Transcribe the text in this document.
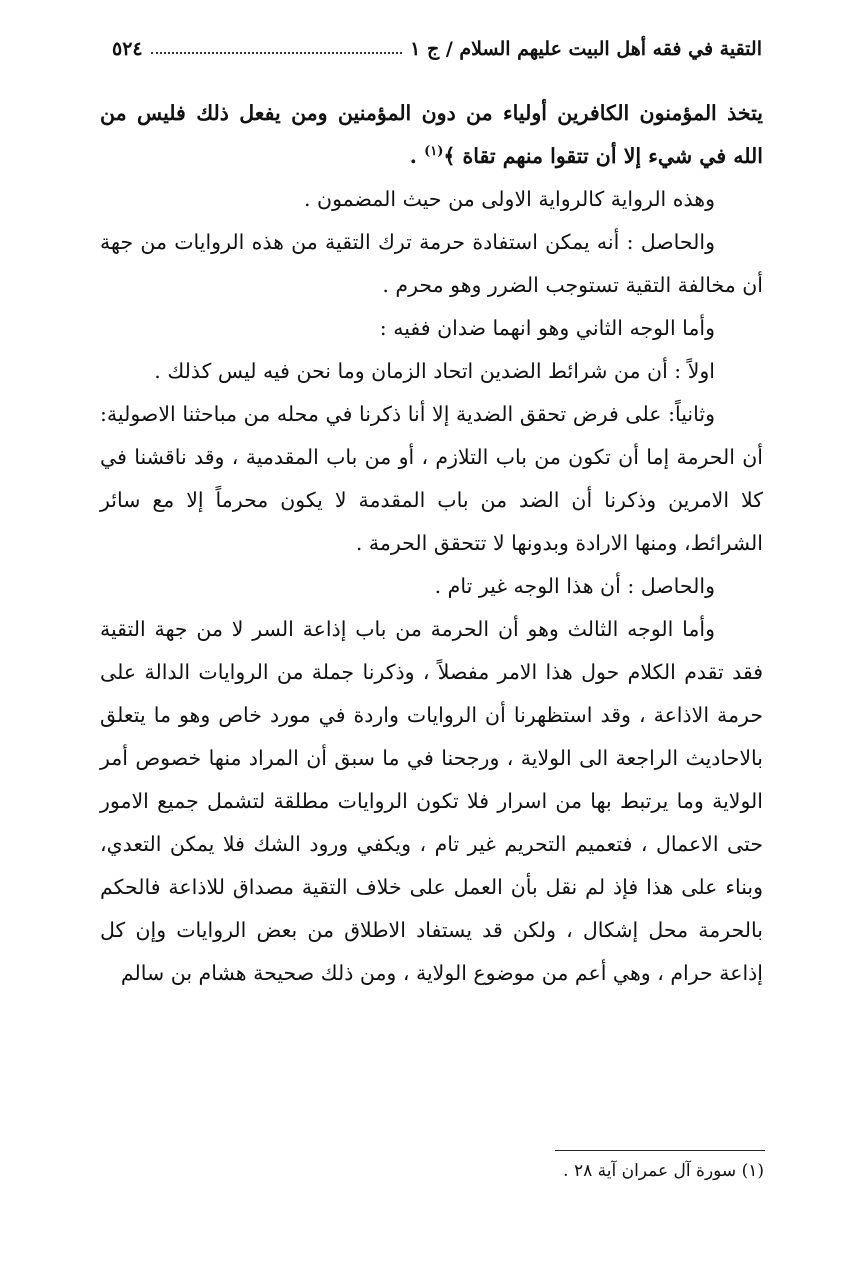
التقية في فقه أهل البيت عليهم السلام / ج ١
٥٢٤

يتخذ المؤمنون الكافرين أولياء من دون المؤمنين ومن يفعل ذلك فليس من الله في شيء إلا أن تتقوا منهم تقاة ﴾$^{(١)}$ .

وهذه الرواية كالرواية الاولى من حيث المضمون .

والحاصل : أنه يمكن استفادة حرمة ترك التقية من هذه الروايات من جهة أن مخالفة التقية تستوجب الضرر وهو محرم .

وأما الوجه الثاني وهو انهما ضدان ففيه :

اولاً : أن من شرائط الضدين اتحاد الزمان وما نحن فيه ليس كذلك .

وثانياً: على فرض تحقق الضدية إلا أنا ذكرنا في محله من مباحثنا الاصولية: أن الحرمة إما أن تكون من باب التلازم ، أو من باب المقدمية ، وقد ناقشنا في كلا الامرين وذكرنا أن الضد من باب المقدمة لا يكون محرماً إلا مع سائر الشرائط، ومنها الارادة وبدونها لا تتحقق الحرمة .

والحاصل : أن هذا الوجه غير تام .

وأما الوجه الثالث وهو أن الحرمة من باب إذاعة السر لا من جهة التقية فقد تقدم الكلام حول هذا الامر مفصلاً ، وذكرنا جملة من الروايات الدالة على حرمة الاذاعة ، وقد استظهرنا أن الروايات واردة في مورد خاص وهو ما يتعلق بالاحاديث الراجعة الى الولاية ، ورجحنا في ما سبق أن المراد منها خصوص أمر الولاية وما يرتبط بها من اسرار فلا تكون الروايات مطلقة لتشمل جميع الامور حتى الاعمال ، فتعميم التحريم غير تام ، ويكفي ورود الشك فلا يمكن التعدي، وبناء على هذا فإذ لم نقل بأن العمل على خلاف التقية مصداق للاذاعة فالحكم بالحرمة محل إشكال ، ولكن قد يستفاد الاطلاق من بعض الروايات وإن كل إذاعة حرام ، وهي أعم من موضوع الولاية ، ومن ذلك صحيحة هشام بن سالم

(١) سورة آل عمران آية ٢٨ .
